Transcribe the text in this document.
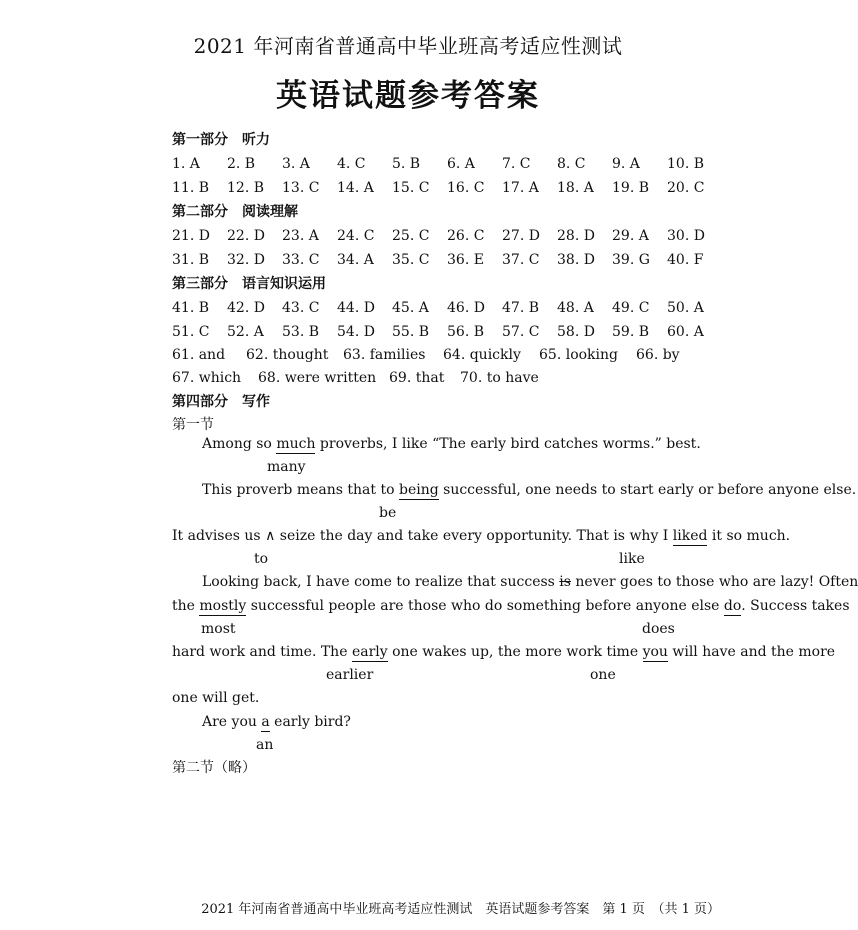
2021 年河南省普通高中毕业班高考适应性测试
英语试题参考答案
第一部分 听力
1. A	2. B	3. A	4. C	5. B	6. A	7. C	8. C	9. A	10. B
11. B	12. B	13. C	14. A	15. C	16. C	17. A	18. A	19. B	20. C
第二部分 阅读理解
21. D	22. D	23. A	24. C	25. C	26. C	27. D	28. D	29. A	30. D
31. B	32. D	33. C	34. A	35. C	36. E	37. C	38. D	39. G	40. F
第三部分 语言知识运用
41. B	42. D	43. C	44. D	45. A	46. D	47. B	48. A	49. C	50. A
51. C	52. A	53. B	54. D	55. B	56. B	57. C	58. D	59. B	60. A
61. and 62. thought 63. families 64. quickly 65. looking 66. by
67. which 68. were written 69. that 70. to have
第四部分 写作
第一节
Among so much proverbs, I like “The early bird catches worms.” best.
many
This proverb means that to being successful, one needs to start early or before anyone else.
be
It advises us ∧ seize the day and take every opportunity. That is why I liked it so much.
to	like
Looking back, I have come to realize that success is never goes to those who are lazy! Often
the mostly successful people are those who do something before anyone else do. Success takes
most	does
hard work and time. The early one wakes up, the more work time you will have and the more
earlier	one
one will get.
Are you a early bird?
an
第二节（略）
2021 年河南省普通高中毕业班高考适应性测试　英语试题参考答案　第 1 页　（共 1 页）
